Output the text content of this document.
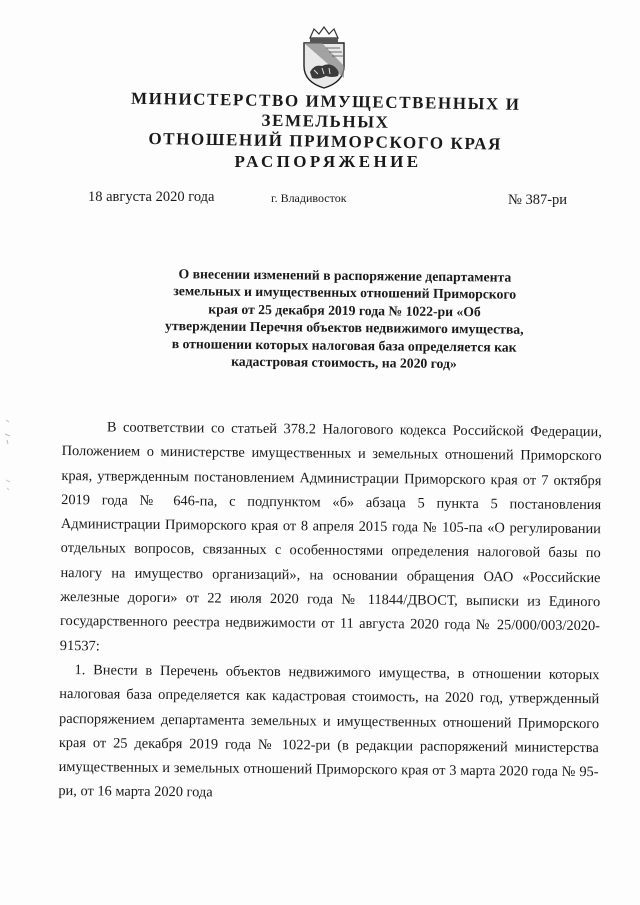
МИНИСТЕРСТВО ИМУЩЕСТВЕННЫХ И ЗЕМЕЛЬНЫХ
ОТНОШЕНИЙ ПРИМОРСКОГО КРАЯ
РАСПОРЯЖЕНИЕ
18 августа 2020 года	г. Владивосток	№ 387-ри
О внесении изменений в распоряжение департамента
земельных и имущественных отношений Приморского
края от 25 декабря 2019 года № 1022-ри «Об
утверждении Перечня объектов недвижимого имущества,
в отношении которых налоговая база определяется как
кадастровая стоимость, на 2020 год»

В соответствии со статьей 378.2 Налогового кодекса Российской Федерации, Положением о министерстве имущественных и земельных отношений Приморского края, утвержденным постановлением Администрации Приморского края от 7 октября 2019 года № 646-па, с подпунктом «б» абзаца 5 пункта 5 постановления Администрации Приморского края от 8 апреля 2015 года № 105-па «О регулировании отдельных вопросов, связанных с особенностями определения налоговой базы по налогу на имущество организаций», на основании обращения ОАО «Российские железные дороги» от 22 июля 2020 года № 11844/ДВОСТ, выписки из Единого государственного реестра недвижимости от 11 августа 2020 года № 25/000/003/2020-91537:

1. Внести в Перечень объектов недвижимого имущества, в отношении которых налоговая база определяется как кадастровая стоимость, на 2020 год, утвержденный распоряжением департамента земельных и имущественных отношений Приморского края от 25 декабря 2019 года № 1022-ри (в редакции распоряжений министерства имущественных и земельных отношений Приморского края от 3 марта 2020 года № 95-ри, от 16 марта 2020 года
